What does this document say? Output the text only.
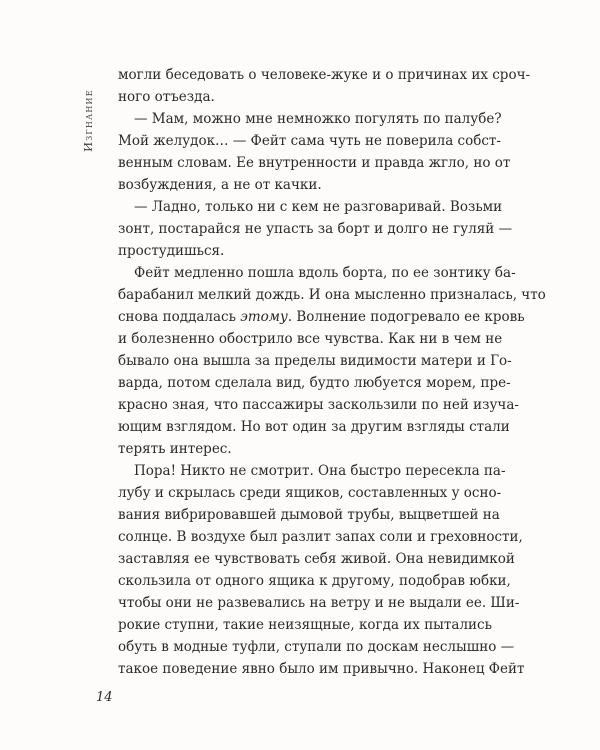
Изгнание
могли беседовать о человеке-жуке и о причинах их сроч-
ного отъезда.
— Мам, можно мне немножко погулять по палубе?
Мой желудок… — Фейт сама чуть не поверила собст-
венным словам. Ее внутренности и правда жгло, но от
возбуждения, а не от качки.
— Ладно, только ни с кем не разговаривай. Возьми
зонт, постарайся не упасть за борт и долго не гуляй —
простудишься.
Фейт медленно пошла вдоль борта, по ее зонтику ба-
барабанил мелкий дождь. И она мысленно призналась, что
снова поддалась этому. Волнение подогревало ее кровь
и болезненно обострило все чувства. Как ни в чем не
бывало она вышла за пределы видимости матери и Го-
варда, потом сделала вид, будто любуется морем, пре-
красно зная, что пассажиры заскользили по ней изуча-
ющим взглядом. Но вот один за другим взгляды стали
терять интерес.
Пора! Никто не смотрит. Она быстро пересекла па-
лубу и скрылась среди ящиков, составленных у осно-
вания вибрировавшей дымовой трубы, выцветшей на
солнце. В воздухе был разлит запах соли и греховности,
заставляя ее чувствовать себя живой. Она невидимкой
скользила от одного ящика к другому, подобрав юбки,
чтобы они не развевались на ветру и не выдали ее. Ши-
рокие ступни, такие неизящные, когда их пытались
обуть в модные туфли, ступали по доскам неслышно —
такое поведение явно было им привычно. Наконец Фейт
14
